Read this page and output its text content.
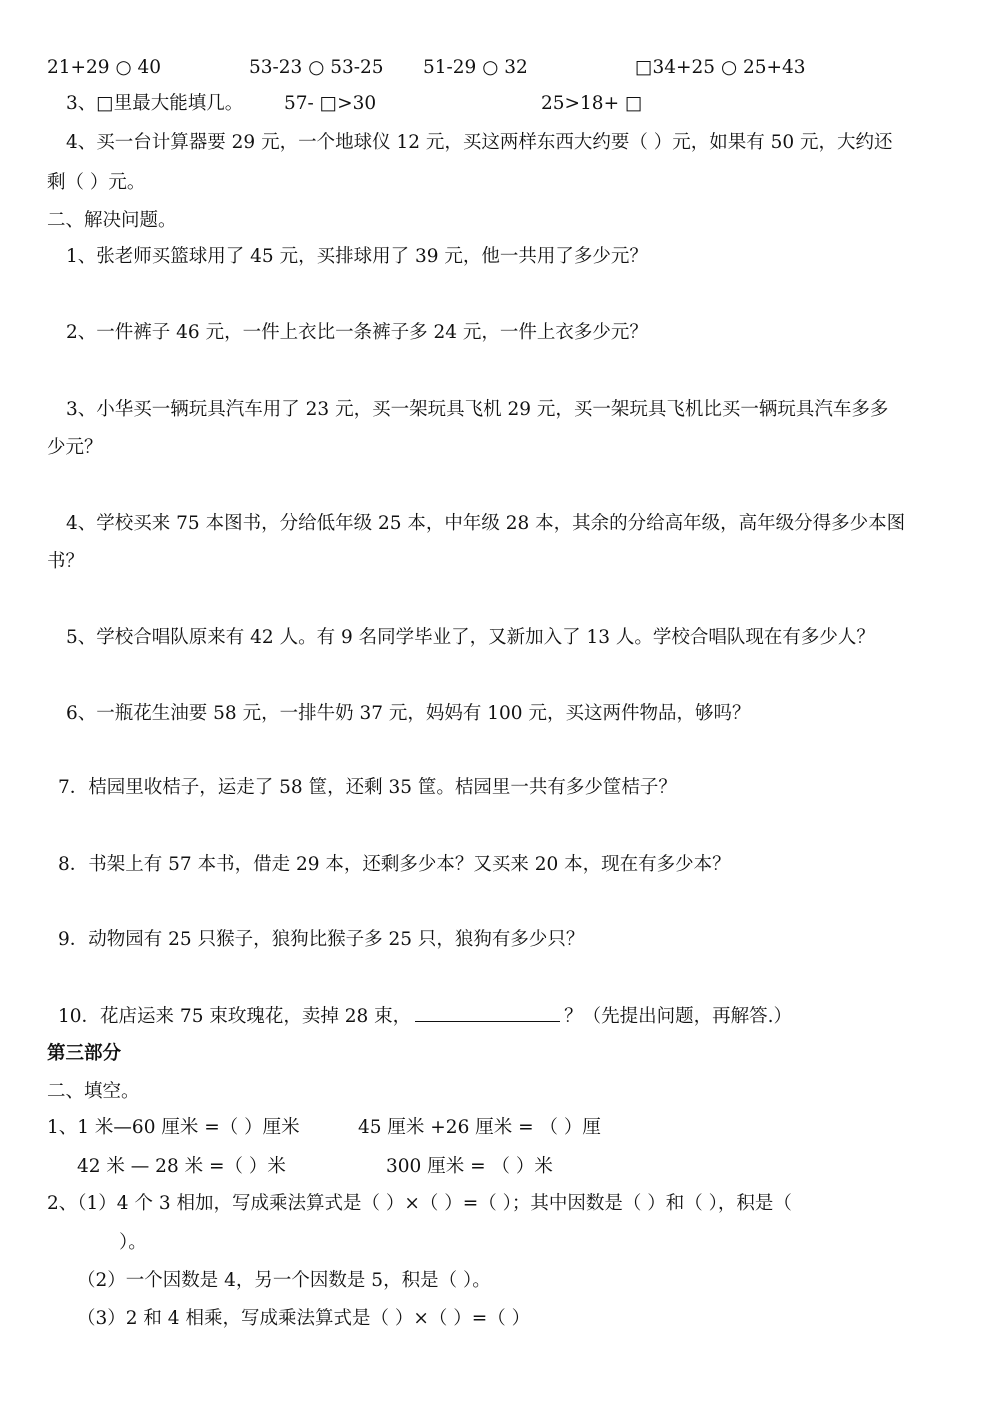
21+29 ○ 40	53-23 ○ 53-25 51-29 ○ 32	□34+25 ○ 25+43
3、□里最大能填几。 57- □>30	25>18+ □
4、买一台计算器要 29 元，一个地球仪 12 元，买这两样东西大约要（ ）元，如果有 50 元，大约还
剩（ ）元。
二、解决问题。
1、张老师买篮球用了 45 元，买排球用了 39 元，他一共用了多少元？
2、一件裤子 46 元，一件上衣比一条裤子多 24 元，一件上衣多少元？
3、小华买一辆玩具汽车用了 23 元，买一架玩具飞机 29 元，买一架玩具飞机比买一辆玩具汽车多多
少元？
4、学校买来 75 本图书，分给低年级 25 本，中年级 28 本，其余的分给高年级，高年级分得多少本图
书？
5、学校合唱队原来有 42 人。有 9 名同学毕业了，又新加入了 13 人。学校合唱队现在有多少人？
6、一瓶花生油要 58 元，一排牛奶 37 元，妈妈有 100 元，买这两件物品，够吗？
7．桔园里收桔子，运走了 58 筐，还剩 35 筐。桔园里一共有多少筐桔子？
8．书架上有 57 本书，借走 29 本，还剩多少本？又买来 20 本，现在有多少本？
9．动物园有 25 只猴子，狼狗比猴子多 25 只，狼狗有多少只？
10．花店运来 75 束玫瑰花，卖掉 28 束，	？（先提出问题，再解答.）
第三部分
二、填空。
1、1 米—60 厘米 =（ ）厘米	45 厘米 +26 厘米 = （ ）厘
42 米 — 28 米 =（ ）米	300 厘米 = （ ）米
2、（1）4 个 3 相加，写成乘法算式是（ ）×（ ）=（ ）；其中因数是（ ）和（ ），积是（
）。
（2）一个因数是 4，另一个因数是 5，积是（ ）。
（3）2 和 4 相乘，写成乘法算式是（ ）×（ ）=（ ）
